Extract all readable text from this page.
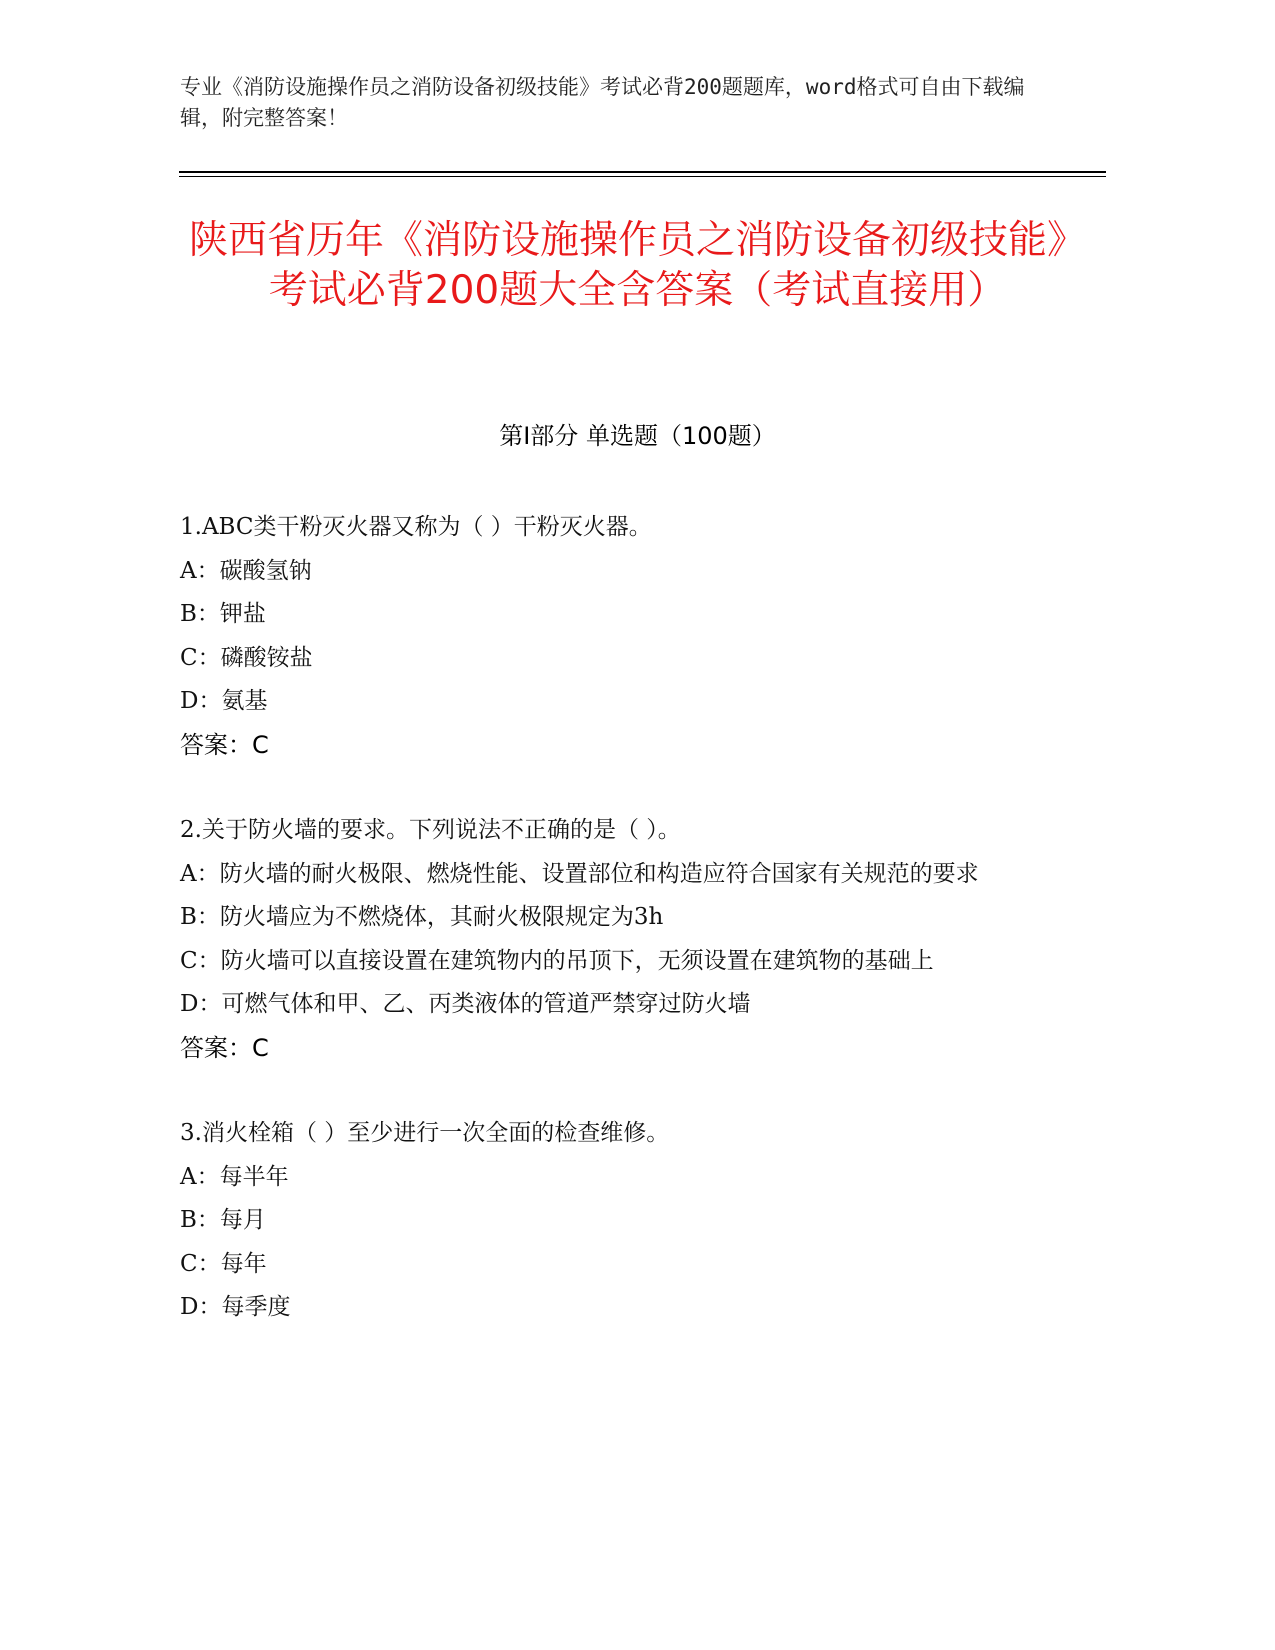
专业《消防设施操作员之消防设备初级技能》考试必背200题题库，word格式可自由下载编辑，附完整答案！
陕西省历年《消防设施操作员之消防设备初级技能》考试必背200题大全含答案（考试直接用）
第Ⅰ部分 单选题（100题）
1.ABC类干粉灭火器又称为（ ）干粉灭火器。
A：碳酸氢钠
B：钾盐
C：磷酸铵盐
D：氨基
答案：C
2.关于防火墙的要求。下列说法不正确的是（ ）。
A：防火墙的耐火极限、燃烧性能、设置部位和构造应符合国家有关规范的要求
B：防火墙应为不燃烧体，其耐火极限规定为3h
C：防火墙可以直接设置在建筑物内的吊顶下，无须设置在建筑物的基础上
D：可燃气体和甲、乙、丙类液体的管道严禁穿过防火墙
答案：C
3.消火栓箱（ ）至少进行一次全面的检查维修。
A：每半年
B：每月
C：每年
D：每季度
